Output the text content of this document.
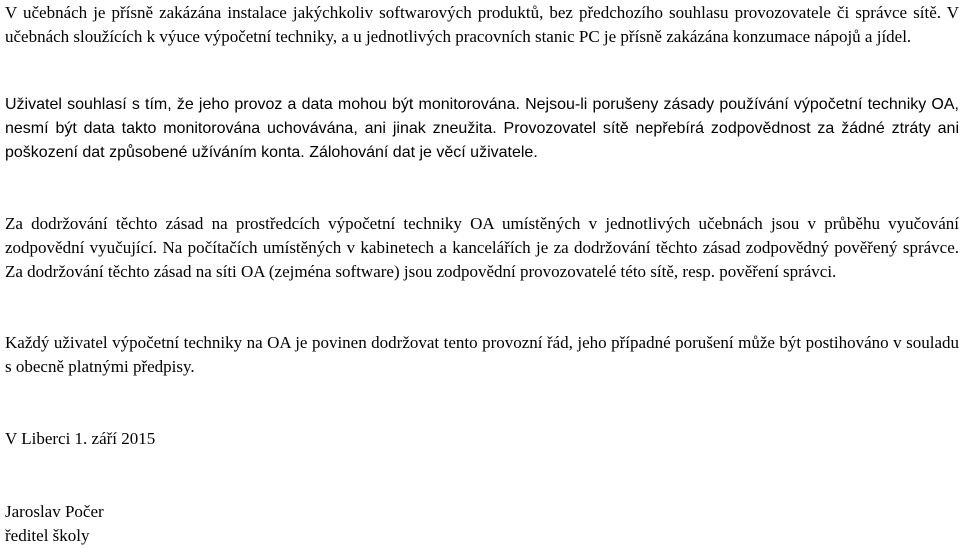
V učebnách je přísně zakázána instalace jakýchkoliv softwarových produktů, bez předchozího souhlasu provozovatele či správce sítě. V učebnách sloužících k výuce výpočetní techniky, a u jednotlivých pracovních stanic PC je přísně zakázána konzumace nápojů a jídel.

Uživatel souhlasí s tím, že jeho provoz a data mohou být monitorována. Nejsou-li porušeny zásady používání výpočetní techniky OA, nesmí být data takto monitorována uchovávána, ani jinak zneužita. Provozovatel sítě nepřebírá zodpovědnost za žádné ztráty ani poškození dat způsobené užíváním konta. Zálohování dat je věcí uživatele.

Za dodržování těchto zásad na prostředcích výpočetní techniky OA umístěných v jednotlivých učebnách jsou v průběhu vyučování zodpovědní vyučující. Na počítačích umístěných v kabinetech a kancelářích je za dodržování těchto zásad zodpovědný pověřený správce. Za dodržování těchto zásad na síti OA (zejména software) jsou zodpovědní provozovatelé této sítě, resp. pověření správci.

Každý uživatel výpočetní techniky na OA je povinen dodržovat tento provozní řád, jeho případné porušení může být postihováno v souladu s obecně platnými předpisy.

V Liberci 1. září 2015
Jaroslav Počer
ředitel školy
